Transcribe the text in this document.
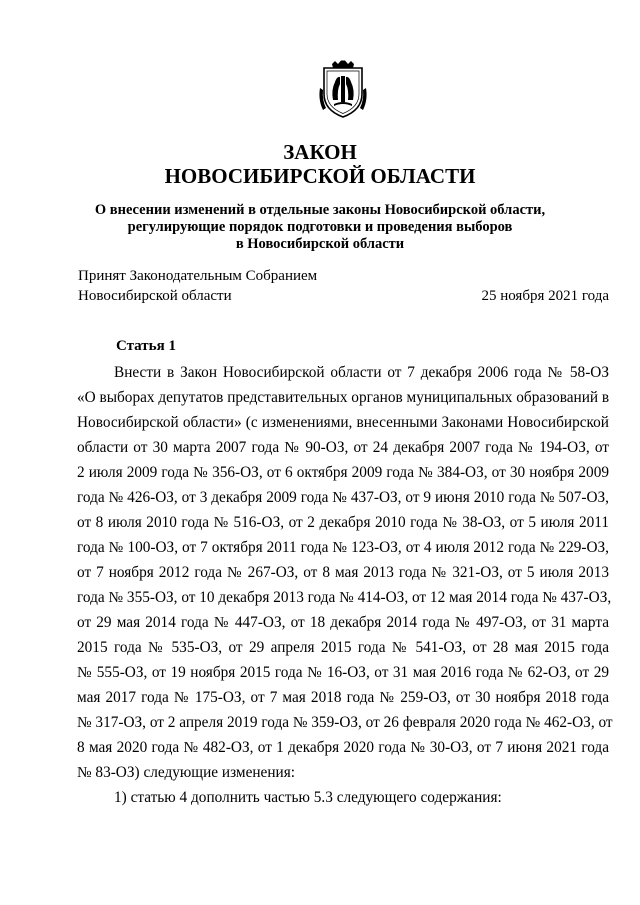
ЗАКОН
НОВОСИБИРСКОЙ ОБЛАСТИ
О внесении изменений в отдельные законы Новосибирской области,
регулирующие порядок подготовки и проведения выборов
в Новосибирской области
Принят Законодательным Собранием
Новосибирской области	25 ноября 2021 года
Статья 1
Внести в Закон Новосибирской области от 7 декабря 2006 года № 58-ОЗ
«О выборах депутатов представительных органов муниципальных образований в
Новосибирской области» (с изменениями, внесенными Законами Новосибирской
области от 30 марта 2007 года № 90-ОЗ, от 24 декабря 2007 года № 194-ОЗ, от
2 июля 2009 года № 356-ОЗ, от 6 октября 2009 года № 384-ОЗ, от 30 ноября 2009
года № 426-ОЗ, от 3 декабря 2009 года № 437-ОЗ, от 9 июня 2010 года № 507-ОЗ,
от 8 июля 2010 года № 516-ОЗ, от 2 декабря 2010 года № 38-ОЗ, от 5 июля 2011
года № 100-ОЗ, от 7 октября 2011 года № 123-ОЗ, от 4 июля 2012 года № 229-ОЗ,
от 7 ноября 2012 года № 267-ОЗ, от 8 мая 2013 года № 321-ОЗ, от 5 июля 2013
года № 355-ОЗ, от 10 декабря 2013 года № 414-ОЗ, от 12 мая 2014 года № 437-ОЗ,
от 29 мая 2014 года № 447-ОЗ, от 18 декабря 2014 года № 497-ОЗ, от 31 марта
2015 года № 535-ОЗ, от 29 апреля 2015 года № 541-ОЗ, от 28 мая 2015 года
№ 555-ОЗ, от 19 ноября 2015 года № 16-ОЗ, от 31 мая 2016 года № 62-ОЗ, от 29
мая 2017 года № 175-ОЗ, от 7 мая 2018 года № 259-ОЗ, от 30 ноября 2018 года
№ 317-ОЗ, от 2 апреля 2019 года № 359-ОЗ, от 26 февраля 2020 года № 462-ОЗ, от
8 мая 2020 года № 482-ОЗ, от 1 декабря 2020 года № 30-ОЗ, от 7 июня 2021 года
№ 83-ОЗ) следующие изменения:
1) статью 4 дополнить частью 5.3 следующего содержания:
